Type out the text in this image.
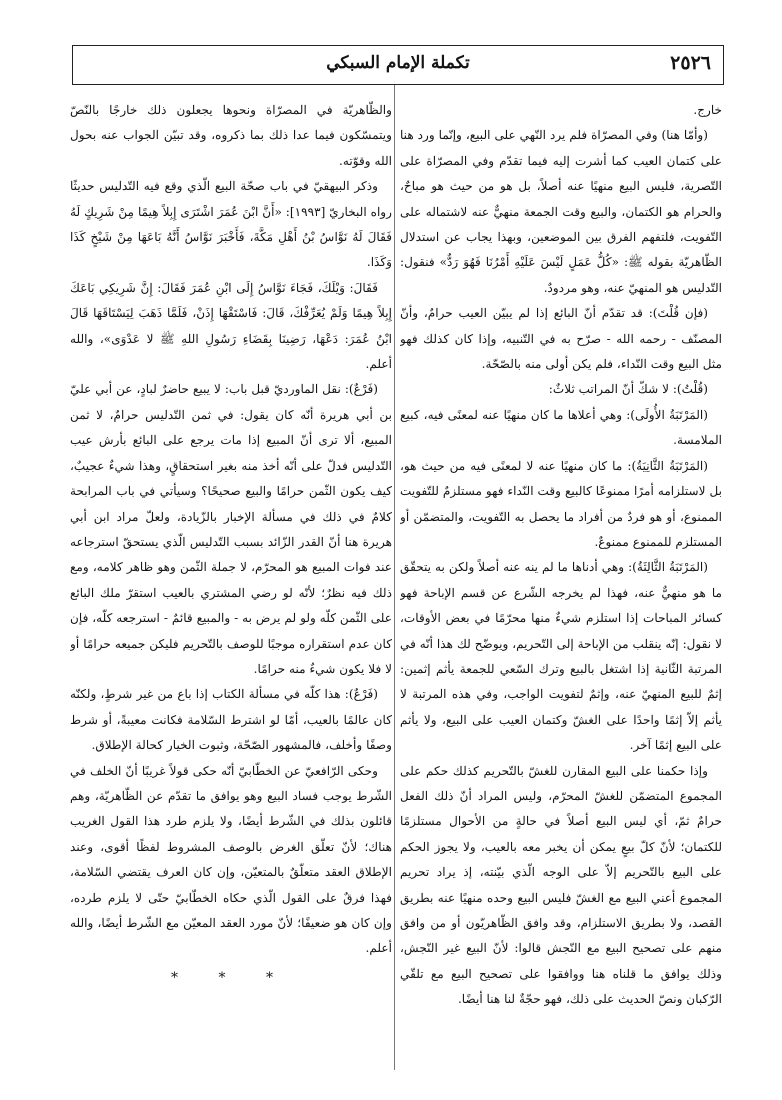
٢٥٢٦
تكملة الإمام السبكي

خارج.

(وأمّا هنا) وفي المصرّاة فلم يرد النّهي على البيع، وإنّما ورد هنا على كتمان العيب كما أشرت إليه فيما تقدّم وفي المصرّاة على التّصرية، فليس البيع منهيًا عنه أصلاً، بل هو من حيث هو مباحٌ، والحرام هو الكتمان، والبيع وقت الجمعة منهيٌّ عنه لاشتماله على التّفويت، فلتفهم الفرق بين الموضعين، وبهذا يجاب عن استدلال الظّاهريّة بقوله ﷺ: «كُلُّ عَمَلٍ لَيْسَ عَلَيْهِ أَمْرُنَا فَهُوَ رَدٌّ» فنقول: التّدليس هو المنهيّ عنه، وهو مردودٌ.

(فإن قُلْتَ): قد تقدّم أنّ البائع إذا لم يبيّن العيب حرامٌ، وأنّ المصنّف - رحمه الله - صرّح به في التّنبيه، وإذا كان كذلك فهو مثل البيع وقت النّداء، فلم يكن أولى منه بالصّحّة.

(قُلْتُ): لا شكّ أنّ المراتب ثلاثٌ:

(المَرْتَبَةُ الأُولَى): وهي أعلاها ما كان منهيًا عنه لمعنًى فيه، كبيع الملامسة.

(المَرْتَبَةُ الثَّانِيَةُ): ما كان منهيًا عنه لا لمعنًى فيه من حيث هو، بل لاستلزامه أمرًا ممنوعًا كالبيع وقت النّداء فهو مستلزمٌ للتّفويت الممنوع، أو هو فردٌ من أفراد ما يحصل به التّفويت، والمتضمّن أو المستلزم للممنوع ممنوعٌ.

(المَرْتَبَةُ الثَّالِثَةُ): وهي أدناها ما لم ينه عنه أصلاً ولكن به يتحقّق ما هو منهيٌّ عنه، فهذا لم يخرجه الشّرع عن قسم الإباحة فهو كسائر المباحات إذا استلزم شيءٌ منها محرّمًا في بعض الأوقات، لا نقول: إنّه ينقلب من الإباحة إلى التّحريم، ويوضّح لك هذا أنّه في المرتبة الثّانية إذا اشتغل بالبيع وترك السّعي للجمعة يأثم إثمين: إثمٌ للبيع المنهيّ عنه، وإثمٌ لتفويت الواجب، وفي هذه المرتبة لا يأثم إلاّ إثمًا واحدًا على الغشّ وكتمان العيب على البيع، ولا يأثم على البيع إثمًا آخر.

وإذا حكمنا على البيع المقارن للغشّ بالتّحريم كذلك حكم على المجموع المتضمّن للغشّ المحرّم، وليس المراد أنّ ذلك الفعل حرامٌ ثمّ، أي ليس البيع أصلاً في حالةٍ من الأحوال مستلزمًا للكتمان؛ لأنّ كلّ بيعٍ يمكن أن يخبر معه بالعيب، ولا يجوز الحكم على البيع بالتّحريم إلاّ على الوجه الّذي بيّنته، إذ يراد تحريم المجموع أعني البيع مع الغشّ فليس البيع وحده منهيًا عنه بطريق القصد، ولا بطريق الاستلزام، وقد وافق الظّاهريّون أو من وافق منهم على تصحيح البيع مع النّجش قالوا: لأنّ البيع غير النّجش، وذلك يوافق ما قلناه هنا ووافقوا على تصحيح البيع مع تلقّي الرّكبان ونصّ الحديث على ذلك، فهو حجّةٌ لنا هنا أيضًا.

والظّاهريّة في المصرّاة ونحوها يجعلون ذلك خارجًا بالنّصّ ويتمسّكون فيما عدا ذلك بما ذكروه، وقد تبيّن الجواب عنه بحول الله وقوّته.

وذكر البيهقيّ في باب صحّة البيع الّذي وقع فيه التّدليس حديثًا رواه البخاريّ [١٩٩٣]: «أَنَّ ابْنَ عُمَرَ اشْتَرَى إِبِلاً هِيمًا مِنْ شَرِيكٍ لَهُ فَقَالَ لَهُ نَوَّاسُ بْنُ أَهْلِ مَكَّةَ، فَأَخْبَرَ نَوَّاسُ أَنَّهُ بَاعَهَا مِنْ شَيْخٍ كَذَا وَكَذَا.

فَقَالَ: وَيْلَكَ، فَجَاءَ نَوَّاسُ إِلَى ابْنِ عُمَرَ فَقَالَ: إِنَّ شَرِيكِي بَاعَكَ إِبِلاً هِيمًا وَلَمْ يُعَرِّفْكَ، قَالَ: فَاسْتَقْهَا إِذَنْ، فَلَمَّا ذَهَبَ لِيَسْتَاقَهَا قَالَ ابْنُ عُمَرَ: دَعْهَا، رَضِينَا بِقَضَاءِ رَسُولِ اللهِ ﷺ لا عَدْوَى»، والله أعلم.

(فَرْعٌ): نقل الماورديّ قبل باب: لا يبيع حاضرٌ لبادٍ، عن أبي عليّ بن أبي هريرة أنّه كان يقول: في ثمن التّدليس حرامٌ، لا ثمن المبيع، ألا ترى أنّ المبيع إذا مات يرجع على البائع بأرش عيب التّدليس فدلّ على أنّه أخذ منه بغير استحقاقٍ، وهذا شيءٌ عجيبٌ، كيف يكون الثّمن حرامًا والبيع صحيحًا؟ وسيأتي في باب المرابحة كلامٌ في ذلك في مسألة الإخبار بالزّيادة، ولعلّ مراد ابن أبي هريرة هنا أنّ القدر الزّائد بسبب التّدليس الّذي يستحقّ استرجاعه عند فوات المبيع هو المحرّم، لا جملة الثّمن وهو ظاهر كلامه، ومع ذلك فيه نظرٌ؛ لأنّه لو رضي المشتري بالعيب استقرّ ملك البائع على الثّمن كلّه ولو لم يرض به - والمبيع قائمٌ - استرجعه كلّه، فإن كان عدم استقراره موجبًا للوصف بالتّحريم فليكن جميعه حرامًا أو لا فلا يكون شيءٌ منه حرامًا.

(فَرْعٌ): هذا كلّه في مسألة الكتاب إذا باع من غير شرطٍ، ولكنّه كان عالمًا بالعيب، أمّا لو اشترط السّلامة فكانت معيبةً، أو شرط وصفًا وأخلف، فالمشهور الصّحّة، وثبوت الخيار كحالة الإطلاق.

وحكى الرّافعيّ عن الخطّابيّ أنّه حكى قولاً غريبًا أنّ الخلف في الشّرط يوجب فساد البيع وهو يوافق ما تقدّم عن الظّاهريّة، وهم قائلون بذلك في الشّرط أيضًا، ولا يلزم طرد هذا القول الغريب هناك؛ لأنّ تعلّق الغرض بالوصف المشروط لفظًا أقوى، وعند الإطلاق العقد متعلّقٌ بالمتعيّن، وإن كان العرف يقتضي السّلامة، فهذا فرقٌ على القول الّذي حكاه الخطّابيّ حتّى لا يلزم طرده، وإن كان هو ضعيفًا؛ لأنّ مورد العقد المعيّن مع الشّرط أيضًا، والله أعلم.

* * *
